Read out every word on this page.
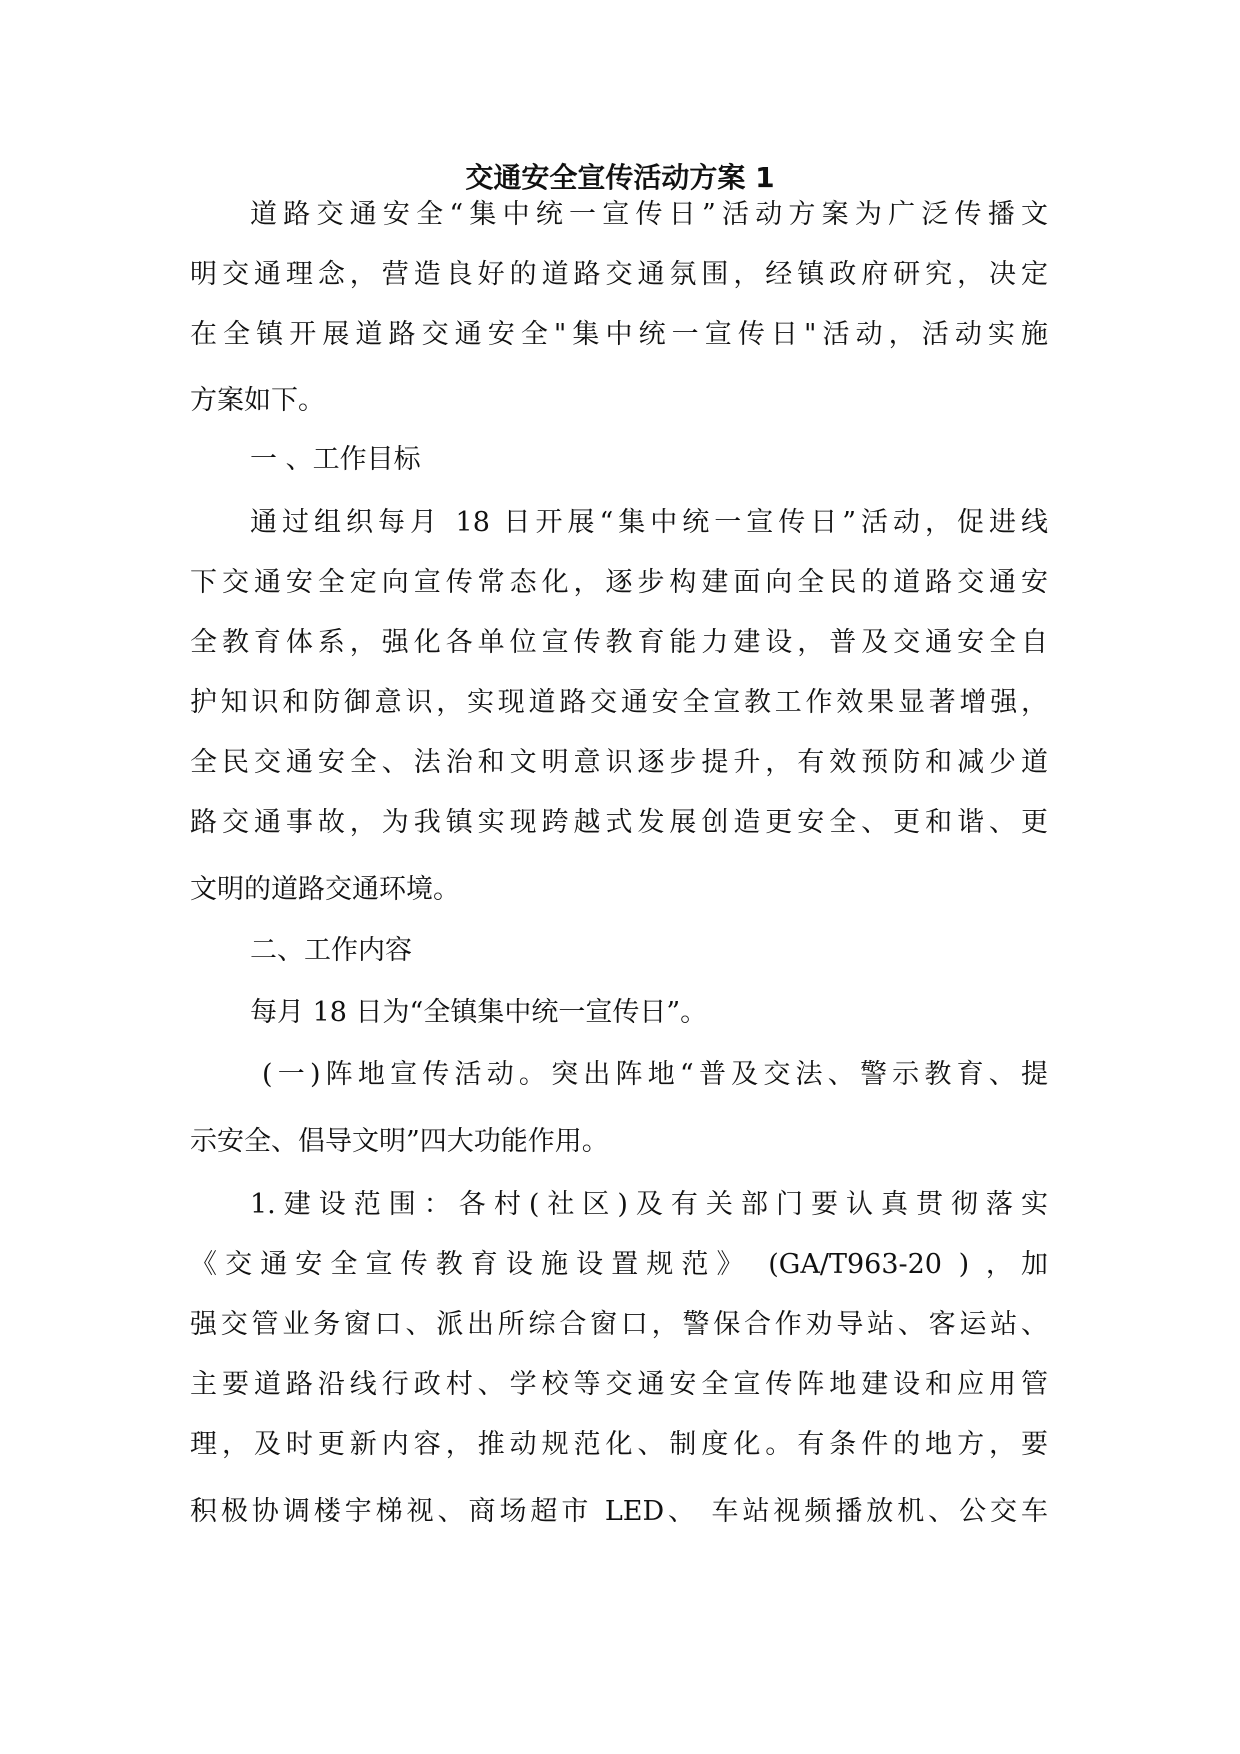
交通安全宣传活动方案 1
道路交通安全“集中统一宣传日”活动方案为广泛传播文
明交通理念，营造良好的道路交通氛围，经镇政府研究，决定
在全镇开展道路交通安全"集中统一宣传日"活动，活动实施
方案如下。
一 、工作目标
通过组织每月 18 日开展“集中统一宣传日”活动，促进线
下交通安全定向宣传常态化，逐步构建面向全民的道路交通安
全教育体系，强化各单位宣传教育能力建设，普及交通安全自
护知识和防御意识，实现道路交通安全宣教工作效果显著增强，
全民交通安全、法治和文明意识逐步提升，有效预防和减少道
路交通事故，为我镇实现跨越式发展创造更安全、更和谐、更
文明的道路交通环境。
二、工作内容
每月 18 日为“全镇集中统一宣传日”。
(一)阵地宣传活动。突出阵地“普及交法、警示教育、提
示安全、倡导文明”四大功能作用。
1.建设范围：各村(社区)及有关部门要认真贯彻落实
《交通安全宣传教育设施设置规范》 (GA/T963-20 ) ，加
强交管业务窗口、派出所综合窗口，警保合作劝导站、客运站、
主要道路沿线行政村、学校等交通安全宣传阵地建设和应用管
理，及时更新内容，推动规范化、制度化。有条件的地方，要
积极协调楼宇梯视、商场超市 LED、 车站视频播放机、公交车
